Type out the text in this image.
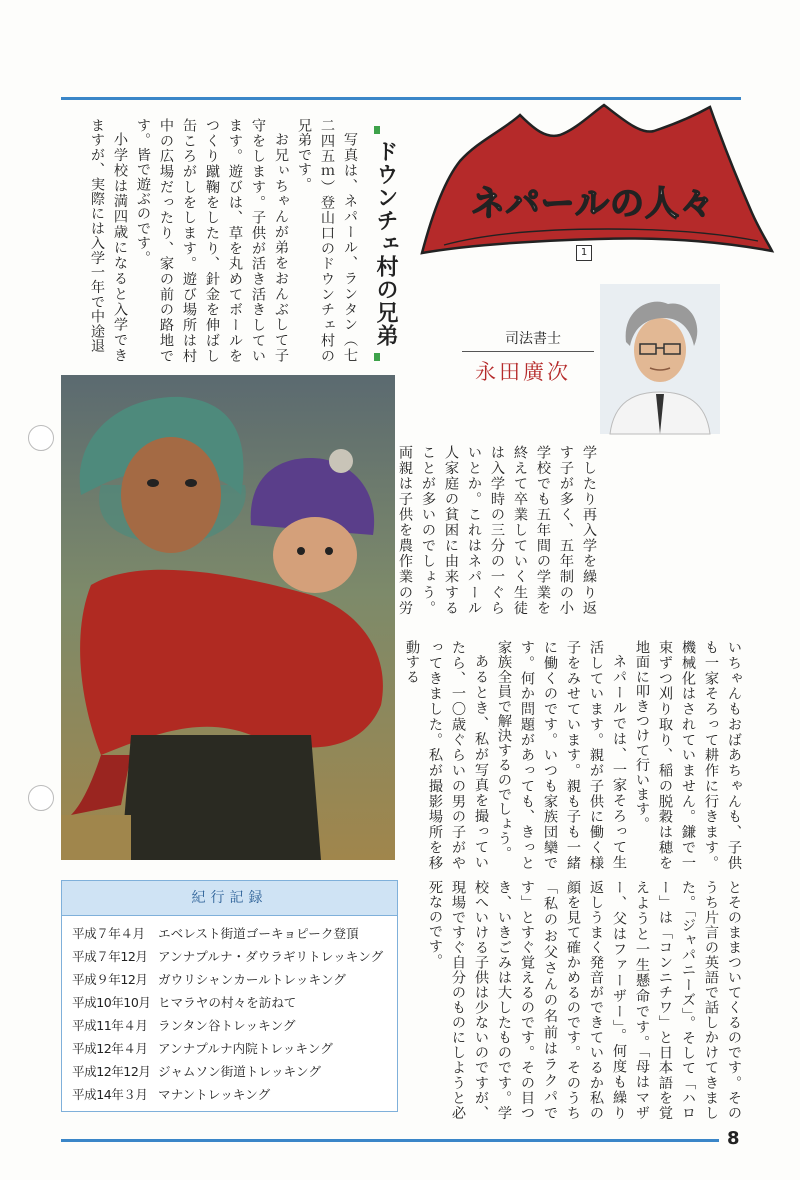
ネパールの人々
1
司法書士
永田廣次
ドウンチェ村の兄弟

写真は、ネパール、ランタン（七二四五ｍ）登山口のドウンチェ村の兄弟です。

お兄ぃちゃんが弟をおんぶして子守をします。子供が活き活きしています。遊びは、草を丸めてボールをつくり蹴鞠をしたり、針金を伸ばし缶ころがしをします。遊び場所は村中の広場だったり、家の前の路地です。皆で遊ぶのです。

小学校は満四歳になると入学できますが、実際には入学一年で中途退

学したり再入学を繰り返す子が多く、五年制の小学校でも五年間の学業を終えて卒業していく生徒は入学時の三分の一ぐらいとか。これはネパール人家庭の貧困に由来することが多いのでしょう。両親は子供を農作業の労

いちゃんもおばあちゃんも、子供も一家そろって耕作に行きます。機械化はされていません。鎌で一束ずつ刈り取り、稲の脱穀は穂を地面に叩きつけて行います。

ネパールでは、一家そろって生活しています。親が子供に働く様子をみせています。親も子も一緒に働くのです。いつも家族団欒です。何か問題があっても、きっと家族全員で解決するのでしょう。

あるとき、私が写真を撮っていたら、一〇歳ぐらいの男の子がやってきました。私が撮影場所を移動する

とそのままついてくるのです。そのうち片言の英語で話しかけてきました。「ジャパニーズ」。そして「ハロー」は「コンニチワ」と日本語を覚えようと一生懸命です。「母はマザー、父はファーザー」。何度も繰り返しうまく発音ができているか私の顔を見て確かめるのです。そのうち「私のお父さんの名前はラクパです」とすぐ覚えるのです。その目つき、いきごみは大したものです。学校へいける子供は少ないのですが、現場ですぐ自分のものにしようと必死なのです。

紀行記録
平成７年４月	エベレスト街道ゴーキョピーク登頂
平成７年12月 アンナプルナ・ダウラギリトレッキング
平成９年12月 ガウリシャンカールトレッキング
平成10年10月 ヒマラヤの村々を訪ねて
平成11年４月 ランタン谷トレッキング
平成12年４月 アンナプルナ内院トレッキング
平成12年12月 ジャムソン街道トレッキング
平成14年３月 マナントレッキング
8
